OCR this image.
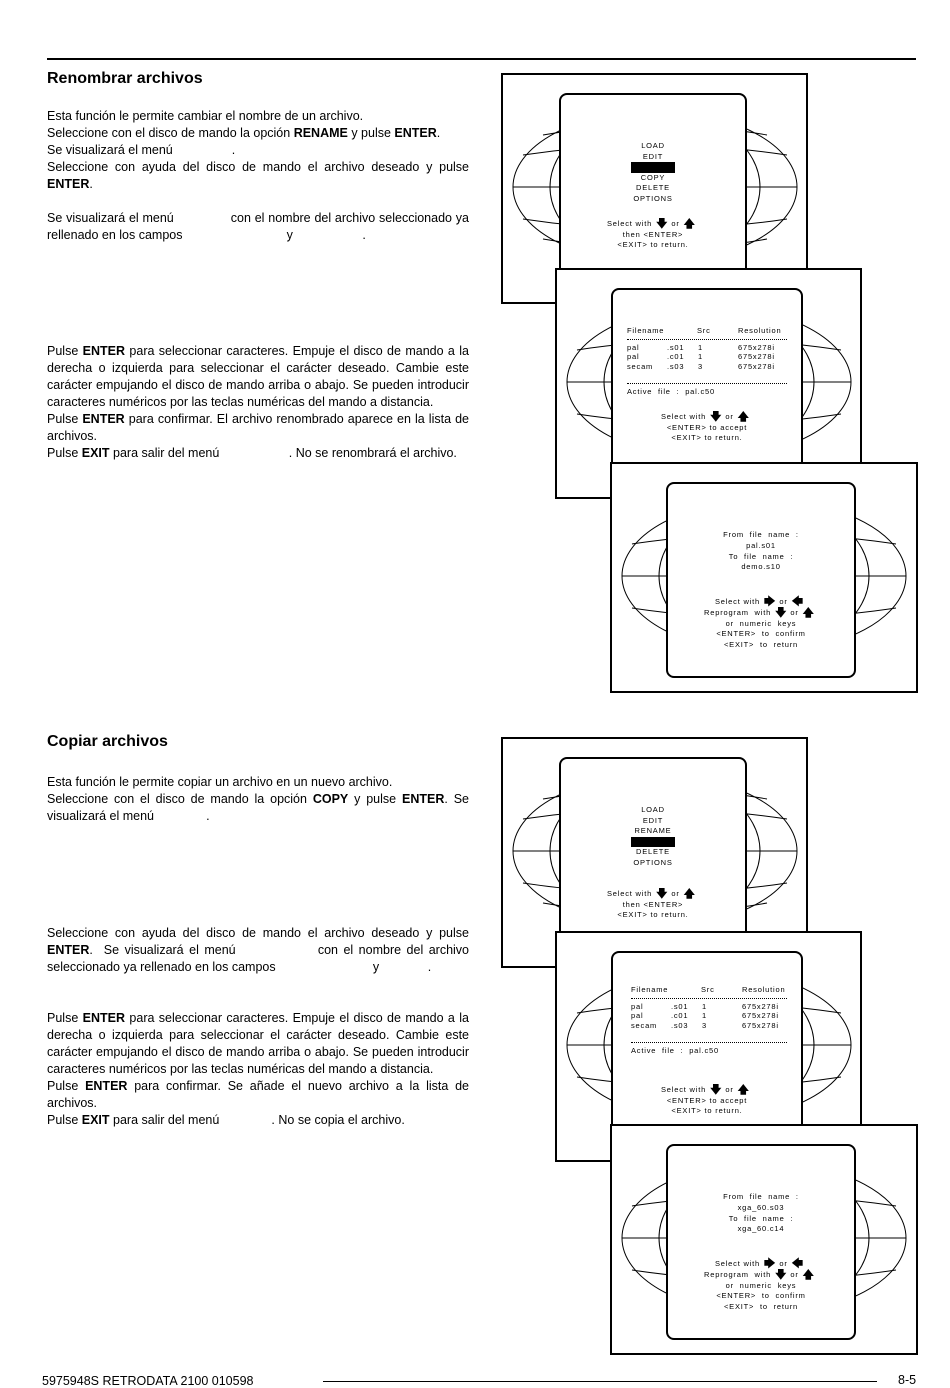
Renombrar archivos

Esta función le permite cambiar el nombre de un archivo.

Seleccione con el disco de mando la opción RENAME y pulse ENTER.

Se visualizará el menú                 .

Seleccione con ayuda del disco de mando el archivo deseado y pulse ENTER.

Se visualizará el menú               con el nombre del archivo seleccionado ya rellenado en los campos                              y                    .

Pulse ENTER para seleccionar caracteres. Empuje el disco de mando a la derecha o izquierda para seleccionar el carácter deseado. Cambie este carácter empujando el disco de mando arriba o abajo. Se pueden introducir caracteres numéricos por las teclas numéricas del mando a distancia.

Pulse ENTER para confirmar. El archivo renombrado aparece en la lista de archivos.

Pulse EXIT para salir del menú                    . No se renombrará el archivo.

Copiar archivos

Esta función le permite copiar un archivo en un nuevo archivo.

Seleccione con el disco de mando la opción COPY y pulse ENTER. Se visualizará el menú               .

Seleccione con ayuda del disco de mando el archivo deseado y pulse ENTER.  Se visualizará el menú               con el nombre del archivo seleccionado ya rellenado en los campos                            y              .

Pulse ENTER para seleccionar caracteres. Empuje el disco de mando a la derecha o izquierda para seleccionar el carácter deseado. Cambie este carácter empujando el disco de mando arriba o abajo. Se pueden introducir caracteres numéricos por las teclas numéricas del mando a distancia.

Pulse ENTER para confirmar. Se añade el nuevo archivo a la lista de archivos.

Pulse EXIT para salir del menú               . No se copia el archivo.

LOAD
EDIT
COPY
DELETE
OPTIONS
Select with 🡇 or 🡅
then <ENTER>
<EXIT> to return.
Filename	Src	Resolution
pal	.s01	1	675x278i
pal	.c01	1	675x278i
secam	.s03	3	675x278i
Active  file  :  pal.c50
Select with 🡇 or 🡅
<ENTER> to accept
<EXIT> to return.
From  file  name  :
pal.s01
To  file  name  :
demo.s10
Select with 🡆 or 🡄
Reprogram  with 🡇 or 🡅
or  numeric  keys
<ENTER>  to  confirm
<EXIT>  to  return
LOAD
EDIT
RENAME
DELETE
OPTIONS
Select with 🡇 or 🡅
then <ENTER>
<EXIT> to return.
Filename	Src	Resolution
pal	.s01	1	675x278i
pal	.c01	1	675x278i
secam	.s03	3	675x278i
Active  file  :  pal.c50
Select with 🡇 or 🡅
<ENTER> to accept
<EXIT> to return.
From  file  name  :
xga_60.s03
To  file  name  :
xga_60.c14
Select with 🡆 or 🡄
Reprogram  with 🡇 or 🡅
or  numeric  keys
<ENTER>  to  confirm
<EXIT>  to  return
5975948S RETRODATA 2100 010598	8-5
